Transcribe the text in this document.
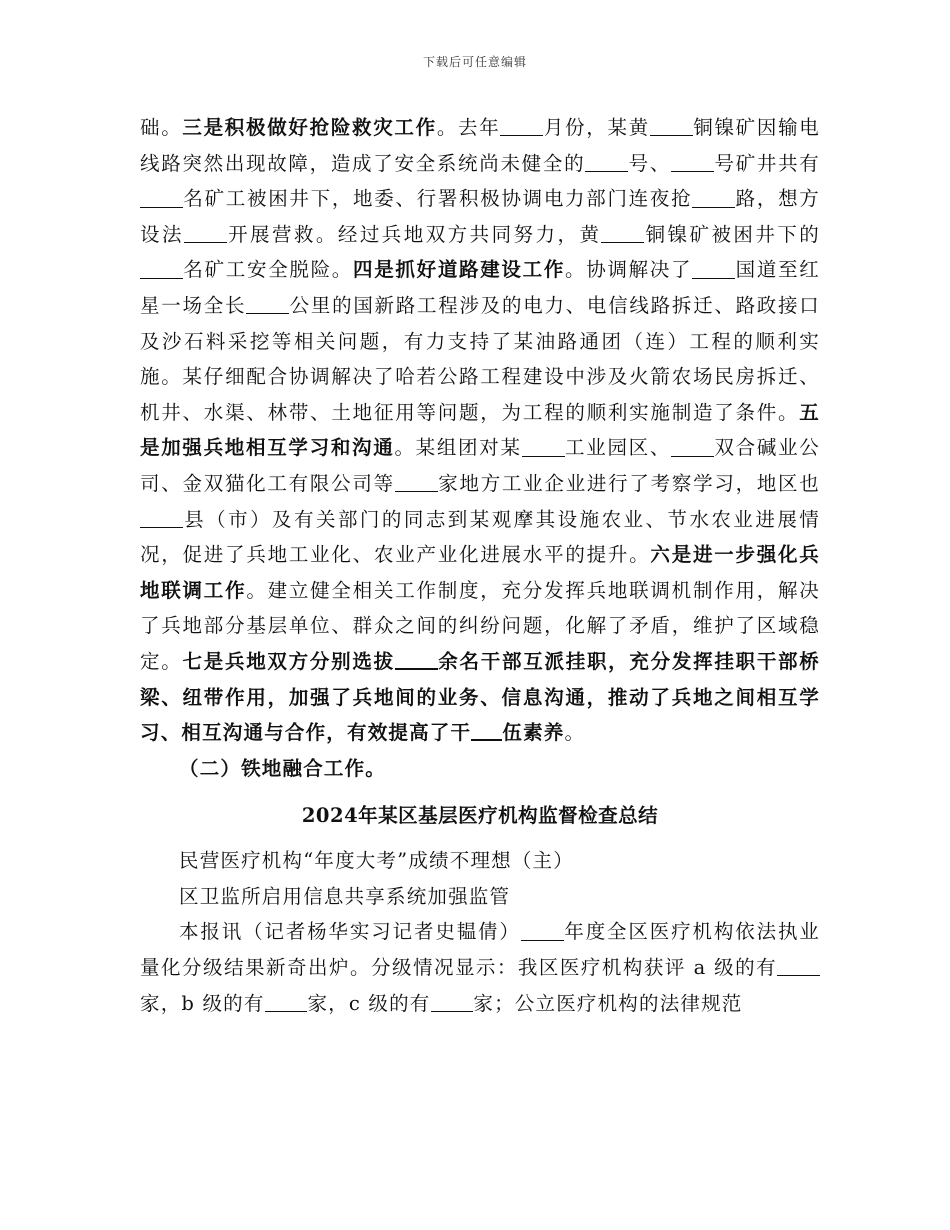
下载后可任意编辑

础。三是积极做好抢险救灾工作。去年 月份，某黄 铜镍矿因输电线路突然出现故障，造成了安全系统尚未健全的 号、 号矿井共有名矿工被困井下，地委、行署积极协调电力部门连夜抢 路，想方设法 开展营救。经过兵地双方共同努力，黄 铜镍矿被困井下的名矿工安全脱险。四是抓好道路建设工作。协调解决了 国道至红星一场全长 公里的国新路工程涉及的电力、电信线路拆迁、路政接口及沙石料采挖等相关问题，有力支持了某油路通团（连）工程的顺利实施。某仔细配合协调解决了哈若公路工程建设中涉及火箭农场民房拆迁、机井、水渠、林带、土地征用等问题，为工程的顺利实施制造了条件。五是加强兵地相互学习和沟通。某组团对某 工业园区、 双合碱业公司、金双猫化工有限公司等 家地方工业企业进行了考察学习，地区也县（市）及有关部门的同志到某观摩其设施农业、节水农业进展情况，促进了兵地工业化、农业产业化进展水平的提升。六是进一步强化兵地联调工作。建立健全相关工作制度，充分发挥兵地联调机制作用，解决了兵地部分基层单位、群众之间的纠纷问题，化解了矛盾，维护了区域稳定。七是兵地双方分别选拔 余名干部互派挂职，充分发挥挂职干部桥梁、纽带作用，加强了兵地间的业务、信息沟通，推动了兵地之间相互学习、相互沟通与合作，有效提高了干 伍素养。

（二）铁地融合工作。

2024年某区基层医疗机构监督检查总结

民营医疗机构“年度大考”成绩不理想（主）

区卫监所启用信息共享系统加强监管

本报讯（记者杨华实习记者史韫倩） 年度全区医疗机构依法执业量化分级结果新奇出炉。分级情况显示：我区医疗机构获评 a 级的有家，b 级的有 家，c 级的有 家；公立医疗机构的法律规范
